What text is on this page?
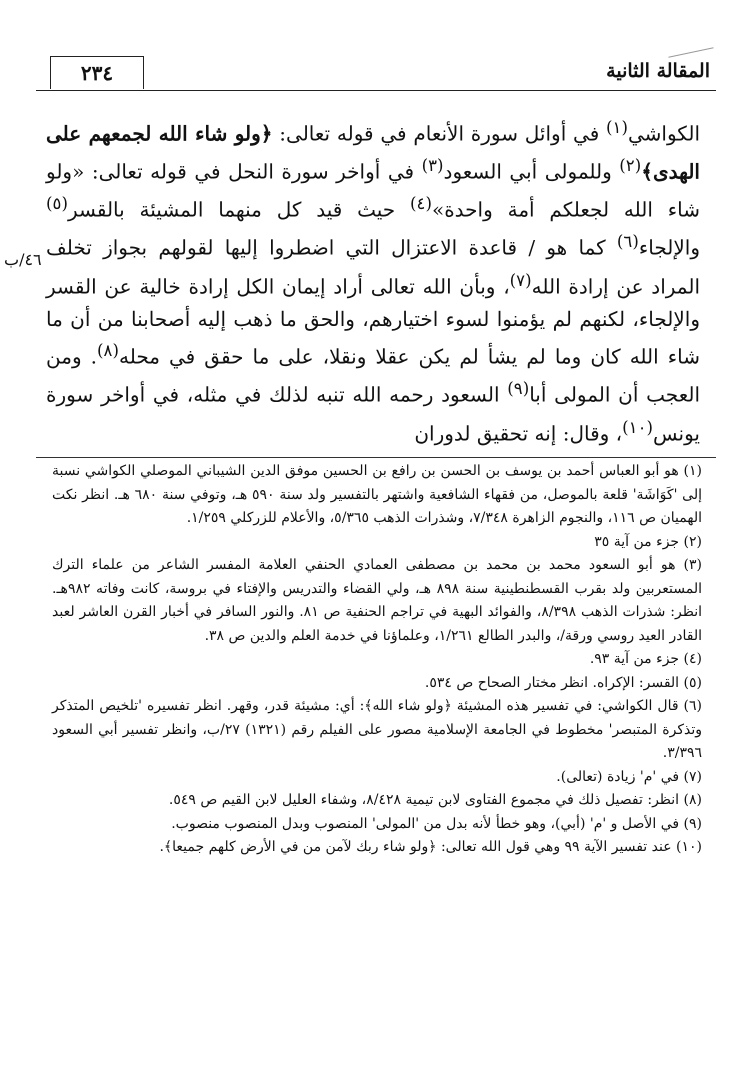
٢٣٤	المقالة الثانية
٤٦/ب

الكواشي$^{(١)}$ في أوائل سورة الأنعام في قوله تعالى: ﴿ولو شاء الله لجمعهم على الهدى﴾$^{(٢)}$ وللمولى أبي السعود$^{(٣)}$ في أواخر سورة النحل في قوله تعالى: «ولو شاء الله لجعلكم أمة واحدة»$^{(٤)}$ حيث قيد كل منهما المشيئة بالقسر$^{(٥)}$ والإلجاء$^{(٦)}$ كما هو / قاعدة الاعتزال التي اضطروا إليها لقولهم بجواز تخلف المراد عن إرادة الله$^{(٧)}$، وبأن الله تعالى أراد إيمان الكل إرادة خالية عن القسر والإلجاء، لكنهم لم يؤمنوا لسوء اختيارهم، والحق ما ذهب إليه أصحابنا من أن ما شاء الله كان وما لم يشأ لم يكن عقلا ونقلا، على ما حقق في محله$^{(٨)}$. ومن العجب أن المولى أبا$^{(٩)}$ السعود رحمه الله تنبه لذلك في مثله، في أواخر سورة يونس$^{(١٠)}$، وقال: إنه تحقيق لدوران

(١) هو أبو العباس أحمد بن يوسف بن الحسن بن رافع بن الحسين موفق الدين الشيباني الموصلي الكواشي نسبة إلى 'كَوَاشَة' قلعة بالموصل، من فقهاء الشافعية واشتهر بالتفسير ولد سنة ٥٩٠ هـ، وتوفي سنة ٦٨٠ هـ. انظر نكت الهميان ص ١١٦، والنجوم الزاهرة ٧/٣٤٨، وشذرات الذهب ٥/٣٦٥، والأعلام للزركلي ١/٢٥٩.

(٢) جزء من آية ٣٥

(٣) هو أبو السعود محمد بن محمد بن مصطفى العمادي الحنفي العلامة المفسر الشاعر من علماء الترك المستعربين ولد بقرب القسطنطينية سنة ٨٩٨ هـ، ولي القضاء والتدريس والإفتاء في بروسة، كانت وفاته ٩٨٢هـ. انظر: شذرات الذهب ٨/٣٩٨، والفوائد البهية في تراجم الحنفية ص ٨١. والنور السافر في أخبار القرن العاشر لعبد القادر العيد روسي ورقة/، والبدر الطالع ١/٢٦١، وعلماؤنا في خدمة العلم والدين ص ٣٨.

(٤) جزء من آية ٩٣.

(٥) القسر: الإكراه. انظر مختار الصحاح ص ٥٣٤.

(٦) قال الكواشي: في تفسير هذه المشيئة ﴿ولو شاء الله﴾: أي: مشيئة قدر، وقهر. انظر تفسيره 'تلخيص المتذكر وتذكرة المتبصر' مخطوط في الجامعة الإسلامية مصور على الفيلم رقم (١٣٢١) ٢٧/ب، وانظر تفسير أبي السعود ٣/٣٩٦.

(٧) في 'م' زيادة (تعالى).

(٨) انظر: تفصيل ذلك في مجموع الفتاوى لابن تيمية ٨/٤٢٨، وشفاء العليل لابن القيم ص ٥٤٩.

(٩) في الأصل و 'م' (أبي)، وهو خطأ لأنه بدل من 'المولى' المنصوب وبدل المنصوب منصوب.

(١٠) عند تفسير الآية ٩٩ وهي قول الله تعالى: ﴿ولو شاء ربك لآمن من في الأرض كلهم جميعا﴾.
